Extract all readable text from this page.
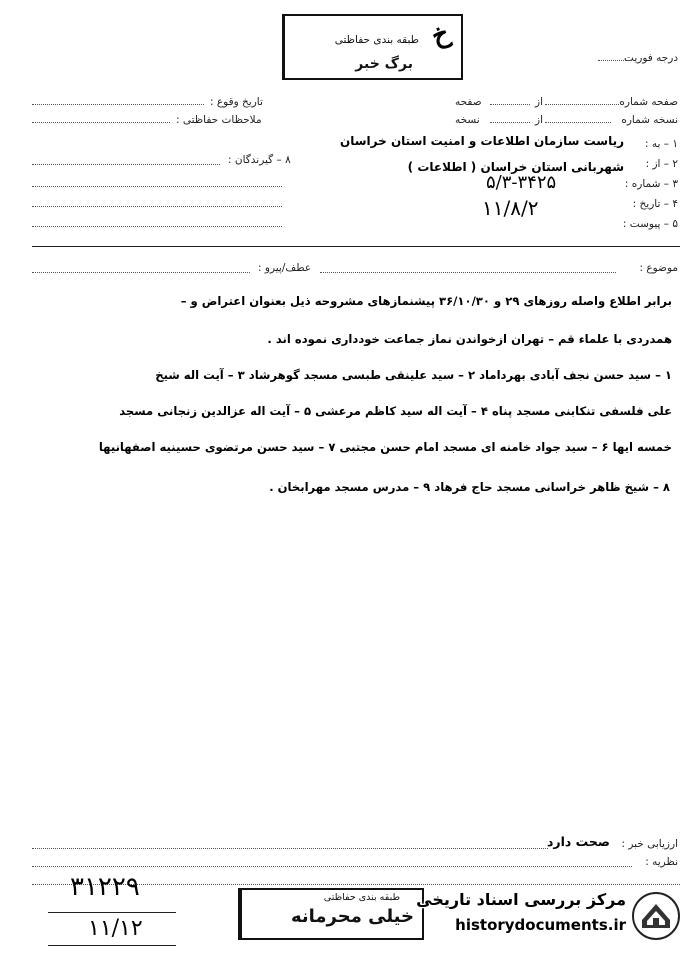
طبقه بندی حفاظتی
برگ خبر
خ
درجه فوریت
صفحه شماره
از
صفحه
تاریخ وقوع :
نسخه شماره
از
نسخه
ملاحظات حفاظتی :
۱ – به :
ریاست سازمان اطلاعات و امنیت استان خراسان
۲ – از :
شهربانی استان خراسان ( اطلاعات )
۳ – شماره :
۵/۳-۳۴۲۵
۴ – تاریخ :
۱۱/۸/۲
۵ – پیوست :
۸ – گیرندگان :
موضوع :
عطف/پیرو :
برابر اطلاع واصله روزهای ۲۹ و ۳۶/۱۰/۳۰ پیشنمازهای مشروحه ذیل بعنوان اعتراض و –
همدردی با علماء قم – تهران ازخواندن نماز جماعت خودداری نموده اند .
۱ – سید حسن نجف آبادی بهرداماد ۲ – سید علینقی طبسی مسجد گوهرشاد ۳ – آیت اله شیخ
علی فلسفی تنکابنی مسجد پناه ۴ – آیت اله سید کاظم مرعشی ۵ – آیت اله عزالدین زنجانی مسجد
خمسه ایها ۶ – سید جواد خامنه ای مسجد امام حسن مجتبی ۷ – سید حسن مرتضوی حسینیه اصفهانیها
۸ – شیخ ظاهر خراسانی مسجد حاج فرهاد ۹ – مدرس مسجد مهرابخان .
ارزیابی خبر :
صحت دارد
نظریه :
۳۱۲۲۹
۱۱/۱۲
طبقه بندی حفاظتی
خیلی محرمانه
مرکز بررسی اسناد تاریخی
historydocuments.ir
